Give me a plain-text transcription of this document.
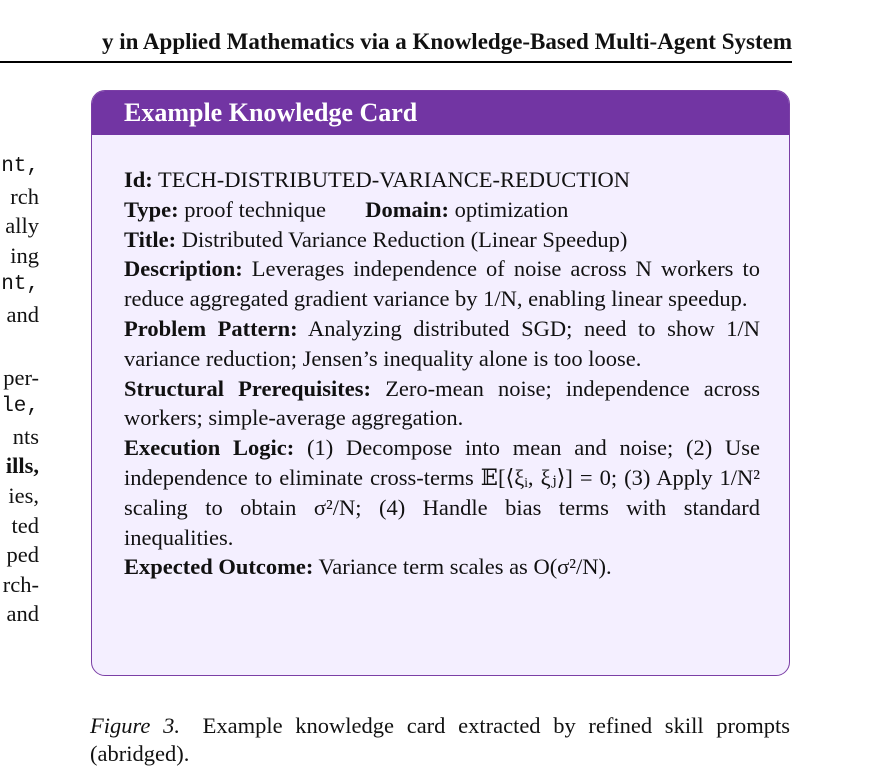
y in Applied Mathematics via a Knowledge-Based Multi-Agent System
nt,
rch
ally
ing
nt,
and
per-
le,
nts
ills,
ies,
ted
ped
rch-
and
Example Knowledge Card

Id: TECH-DISTRIBUTED-VARIANCE-REDUCTION

Type: proof technique Domain: optimization

Title: Distributed Variance Reduction (Linear Speedup)

Description: Leverages independence of noise across N workers to reduce aggregated gradient variance by 1/N, enabling linear speedup.

Problem Pattern: Analyzing distributed SGD; need to show 1/N variance reduction; Jensen’s inequality alone is too loose.

Structural Prerequisites: Zero-mean noise; independence across workers; simple-average aggregation.

Execution Logic: (1) Decompose into mean and noise; (2) Use independence to eliminate cross-terms 𝔼[⟨ξᵢ, ξⱼ⟩] = 0; (3) Apply 1/N² scaling to obtain σ²/N; (4) Handle bias terms with standard inequalities.

Expected Outcome: Variance term scales as O(σ²/N).

Figure 3. Example knowledge card extracted by refined skill prompts (abridged).
